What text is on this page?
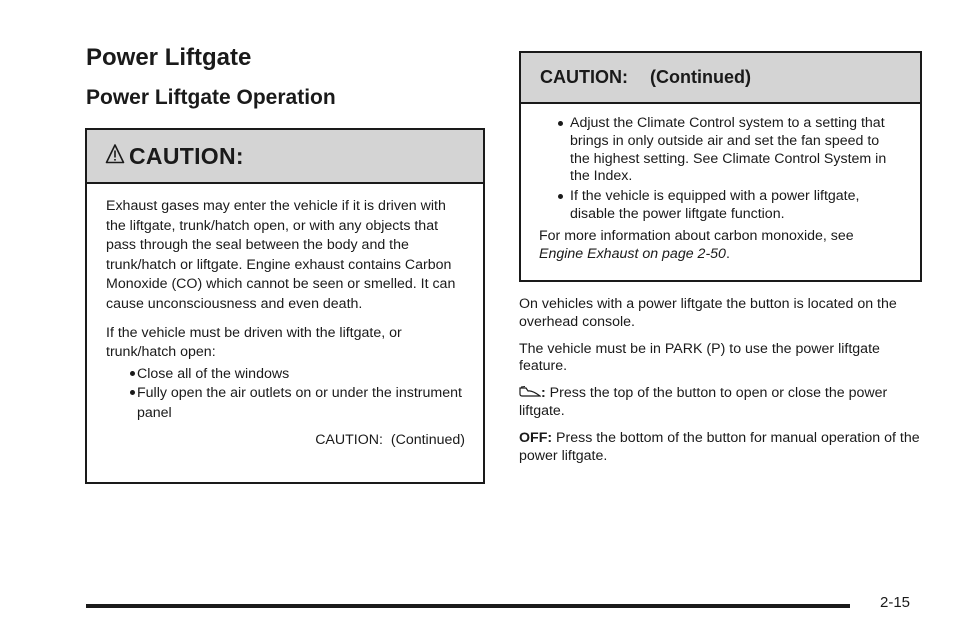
Power Liftgate
Power Liftgate Operation
CAUTION:

Exhaust gases may enter the vehicle if it is driven with the liftgate, trunk/hatch open, or with any objects that pass through the seal between the body and the trunk/hatch or liftgate. Engine exhaust contains Carbon Monoxide (CO) which cannot be seen or smelled. It can cause unconsciousness and even death.

If the vehicle must be driven with the liftgate, or trunk/hatch open:

Close all of the windows
Fully open the air outlets on or under the instrument panel
CAUTION:  (Continued)
CAUTION:  (Continued)
Adjust the Climate Control system to a setting that brings in only outside air and set the fan speed to the highest setting. See Climate Control System in the Index.
If the vehicle is equipped with a power liftgate, disable the power liftgate function.

For more information about carbon monoxide, see
Engine Exhaust on page 2-50.

On vehicles with a power liftgate the button is located on the overhead console.

The vehicle must be in PARK (P) to use the power liftgate feature.

: Press the top of the button to open or close the power liftgate.

OFF: Press the bottom of the button for manual operation of the power liftgate.

2-15
